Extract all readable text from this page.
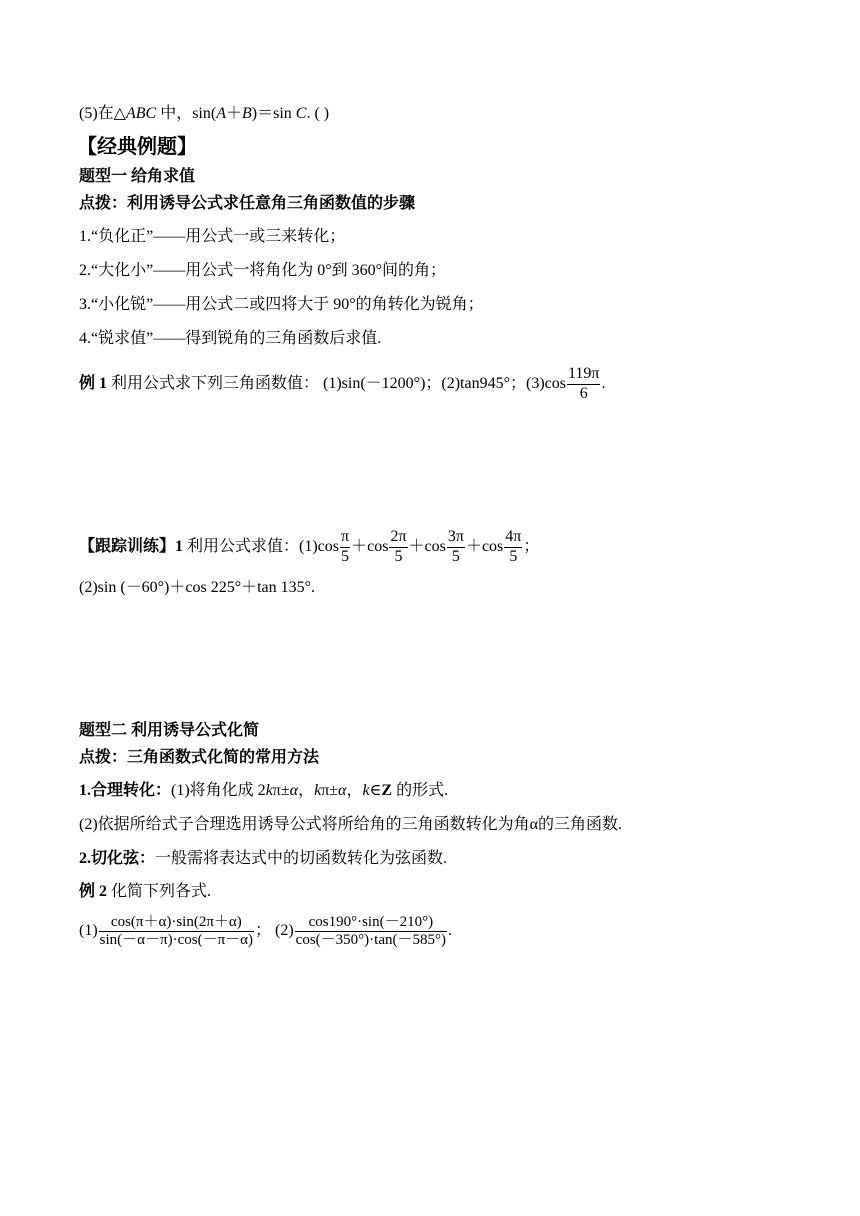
(5)在△ABC 中，sin(A＋B)＝sin C. ( )
【经典例题】
题型一 给角求值
点拨：利用诱导公式求任意角三角函数值的步骤
1.“负化正”——用公式一或三来转化；
2.“大化小”——用公式一将角化为 0°到 360°间的角；
3.“小化锐”——用公式二或四将大于 90°的角转化为锐角；
4.“锐求值”——得到锐角的三角函数后求值.
例 1 利用公式求下列三角函数值： (1)sin(－1200°)；(2)tan945°；$(3)\cos \frac{119\pi}{6}$ .
【跟踪训练】1 利用公式求值：$(1)\cos \frac{\pi}{5} +\cos \frac{2\pi}{5} +\cos \frac{3\pi}{5} +\cos \frac{4\pi}{5}$ ；
(2)sin (－60°)＋cos 225°＋tan 135°.
题型二 利用诱导公式化简
点拨：三角函数式化简的常用方法
1.合理转化：(1)将角化成 2kπ±α，kπ±α，k∈Z 的形式.
(2)依据所给式子合理选用诱导公式将所给角的三角函数转化为角α的三角函数.
2.切化弦：一般需将表达式中的切函数转化为弦函数.
例 2 化简下列各式.
$(1) \frac{\cos(\pi+\alpha)\cdot\sin(2\pi+\alpha)}{\sin(-\alpha-\pi)\cdot\cos(-\pi-\alpha)}$ ； $(2) \frac{\cos 190^\circ\cdot\sin(-210^\circ)}{\cos(-350^\circ)\cdot\tan(-585^\circ)}$ .
